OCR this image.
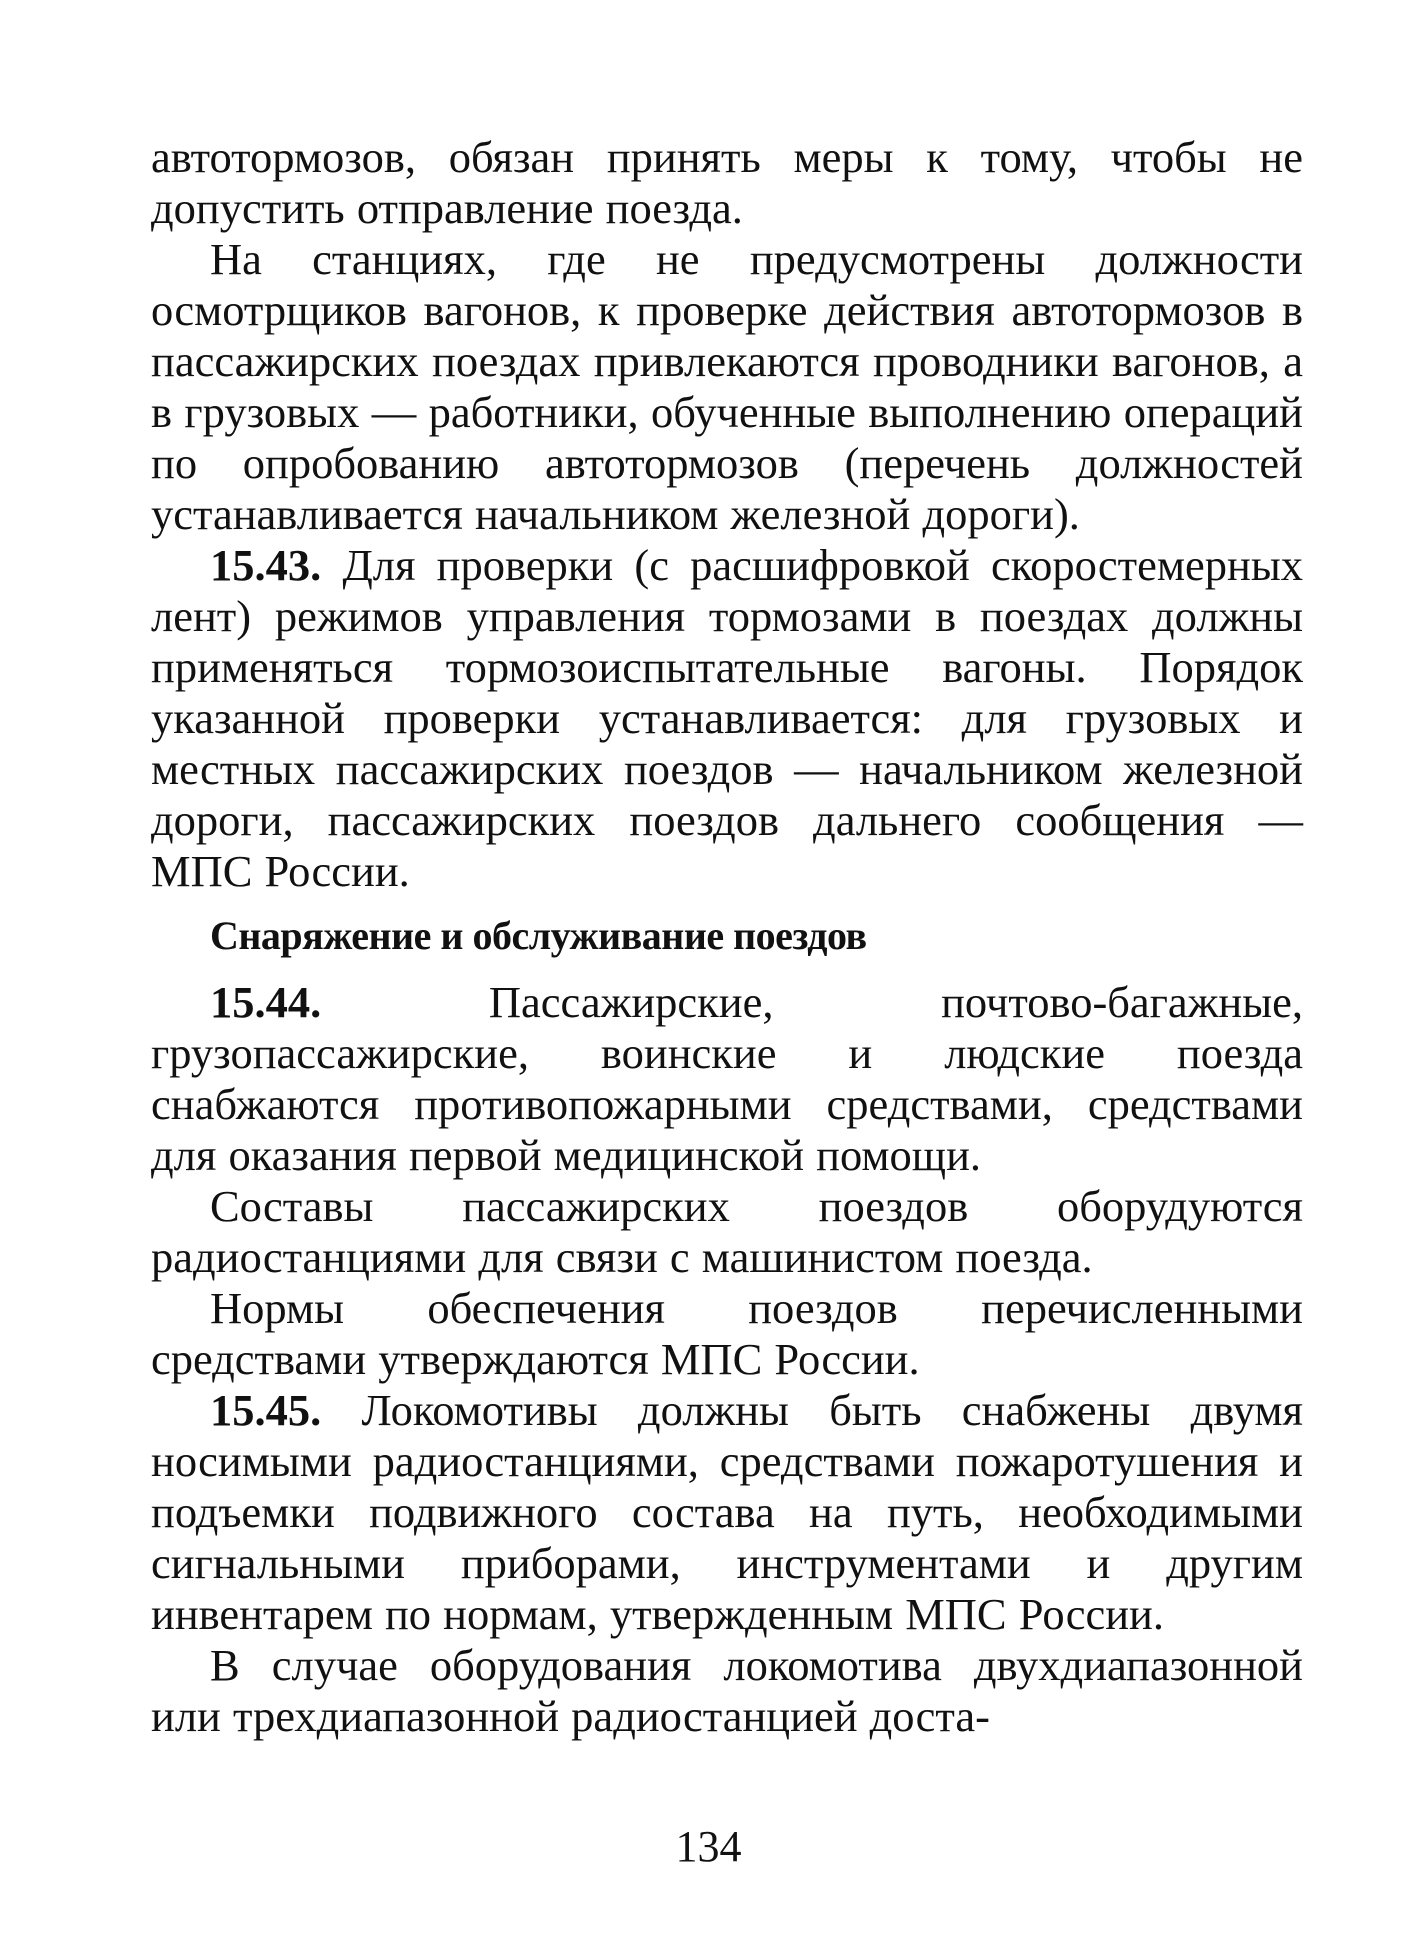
автотормозов, обязан принять меры к тому, чтобы не допустить отправление поезда.

На станциях, где не предусмотрены должности осмотрщиков вагонов, к проверке действия автотормозов в пассажирских поездах привлекаются проводники вагонов, а в грузовых — работники, обученные выполнению операций по опробованию автотормозов (перечень должностей устанавливается начальником железной дороги).

15.43. Для проверки (с расшифровкой скоростемерных лент) режимов управления тормозами в поездах должны применяться тормозоиспытательные вагоны. Порядок указанной проверки устанавливается: для грузовых и местных пассажирских поездов — начальником железной дороги, пассажирских поездов дальнего сообщения — МПС России.

Снаряжение и обслуживание поездов

15.44. Пассажирские, почтово-багажные, грузопассажирские, воинские и людские поезда снабжаются противопожарными средствами, средствами для оказания первой медицинской помощи.

Составы пассажирских поездов оборудуются радиостанциями для связи с машинистом поезда.

Нормы обеспечения поездов перечисленными средствами утверждаются МПС России.

15.45. Локомотивы должны быть снабжены двумя носимыми радиостанциями, средствами пожаротушения и подъемки подвижного состава на путь, необходимыми сигнальными приборами, инструментами и другим инвентарем по нормам, утвержденным МПС России.

В случае оборудования локомотива двухдиапазонной или трехдиапазонной радиостанцией доста-

134
